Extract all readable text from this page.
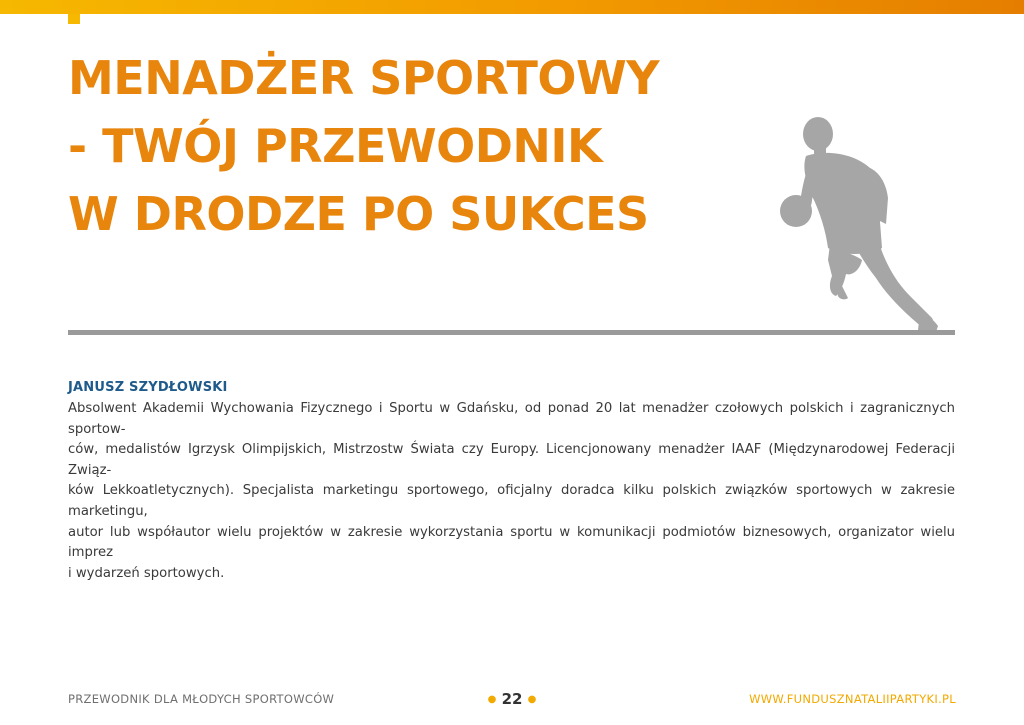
MENADŻER SPORTOWY
- TWÓJ PRZEWODNIK
W DRODZE PO SUKCES
JANUSZ SZYDŁOWSKI

Absolwent Akademii Wychowania Fizycznego i Sportu w Gdańsku, od ponad 20 lat menadżer czołowych polskich i zagranicznych sportow-
ców, medalistów Igrzysk Olimpijskich, Mistrzostw Świata czy Europy. Licencjonowany menadżer IAAF (Międzynarodowej Federacji Związ-
ków Lekkoatletycznych). Specjalista marketingu sportowego, oficjalny doradca kilku polskich związków sportowych w zakresie marketingu,
autor lub współautor wielu projektów w zakresie wykorzystania sportu w komunikacji podmiotów biznesowych, organizator wielu imprez
i wydarzeń sportowych.

PRZEWODNIK DLA MŁODYCH SPORTOWCÓW	● 22 ●	WWW.FUNDUSZNATALIIPARTYKI.PL
